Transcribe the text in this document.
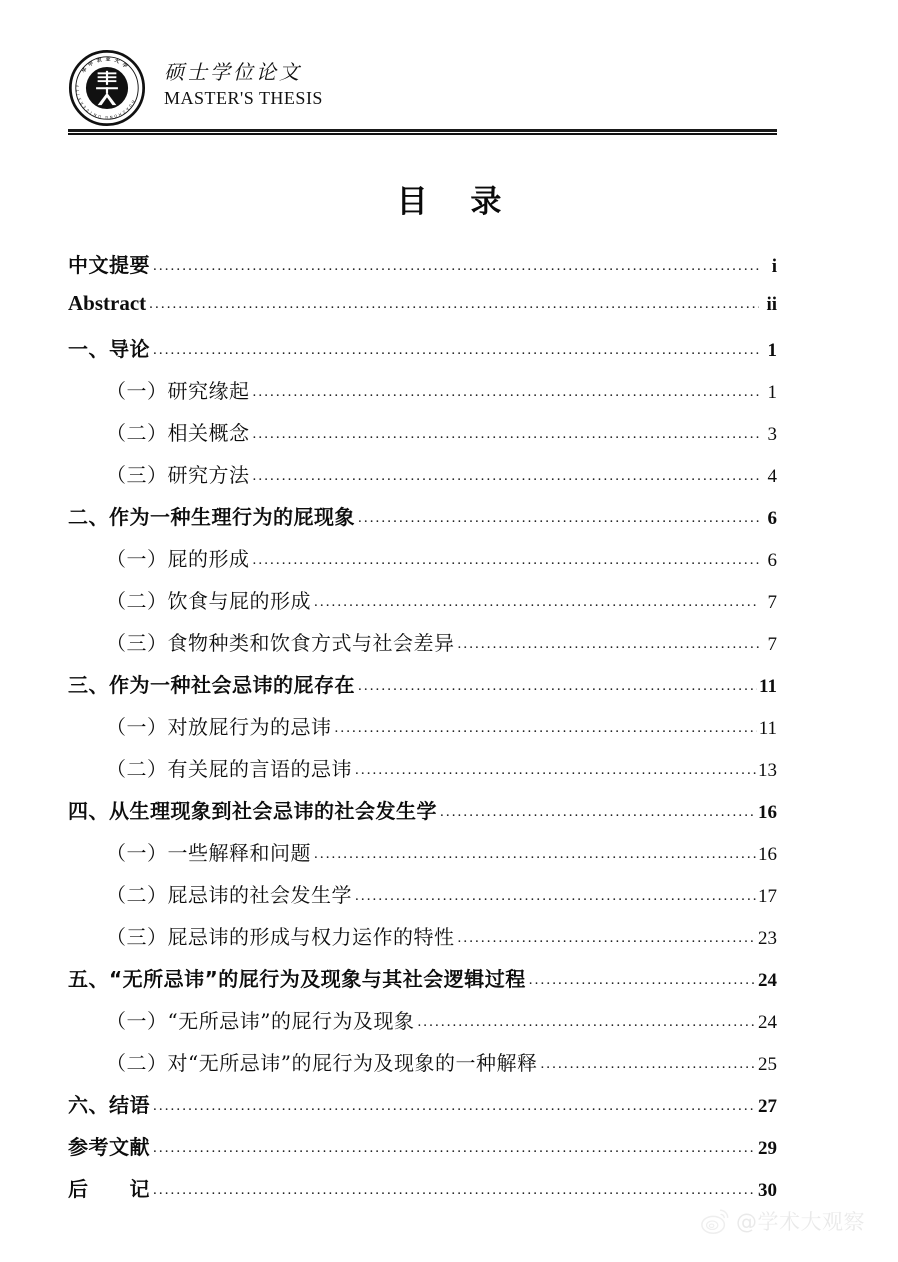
华
中 农 业 大
学
H
U
A
Z
H
O
N
G
U
N
I
V
E
R
S
I
T
Y
硕士学位论文
MASTER'S THESIS
目 录
中文提要 .....	i
Abstract .....	ii
一、导论 .....	1
（一）研究缘起 .....	1
（二）相关概念 .....	3
（三）研究方法 .....	4
二、作为一种生理行为的屁现象 .....	6
（一）屁的形成 .....	6
（二）饮食与屁的形成 .....	7
（三）食物种类和饮食方式与社会差异 .....	7
三、作为一种社会忌讳的屁存在 .....	11
（一）对放屁行为的忌讳 .....	11
（二）有关屁的言语的忌讳 .....	13
四、从生理现象到社会忌讳的社会发生学 .....	16
（一）一些解释和问题 .....	16
（二）屁忌讳的社会发生学 .....	17
（三）屁忌讳的形成与权力运作的特性 .....	23
五、“无所忌讳”的屁行为及现象与其社会逻辑过程 .....	24
（一）“无所忌讳”的屁行为及现象 .....	24
（二）对“无所忌讳”的屁行为及现象的一种解释 .....	25
六、结语 .....	27
参考文献 .....	29
后　　记 .....	30
@学术大观察
